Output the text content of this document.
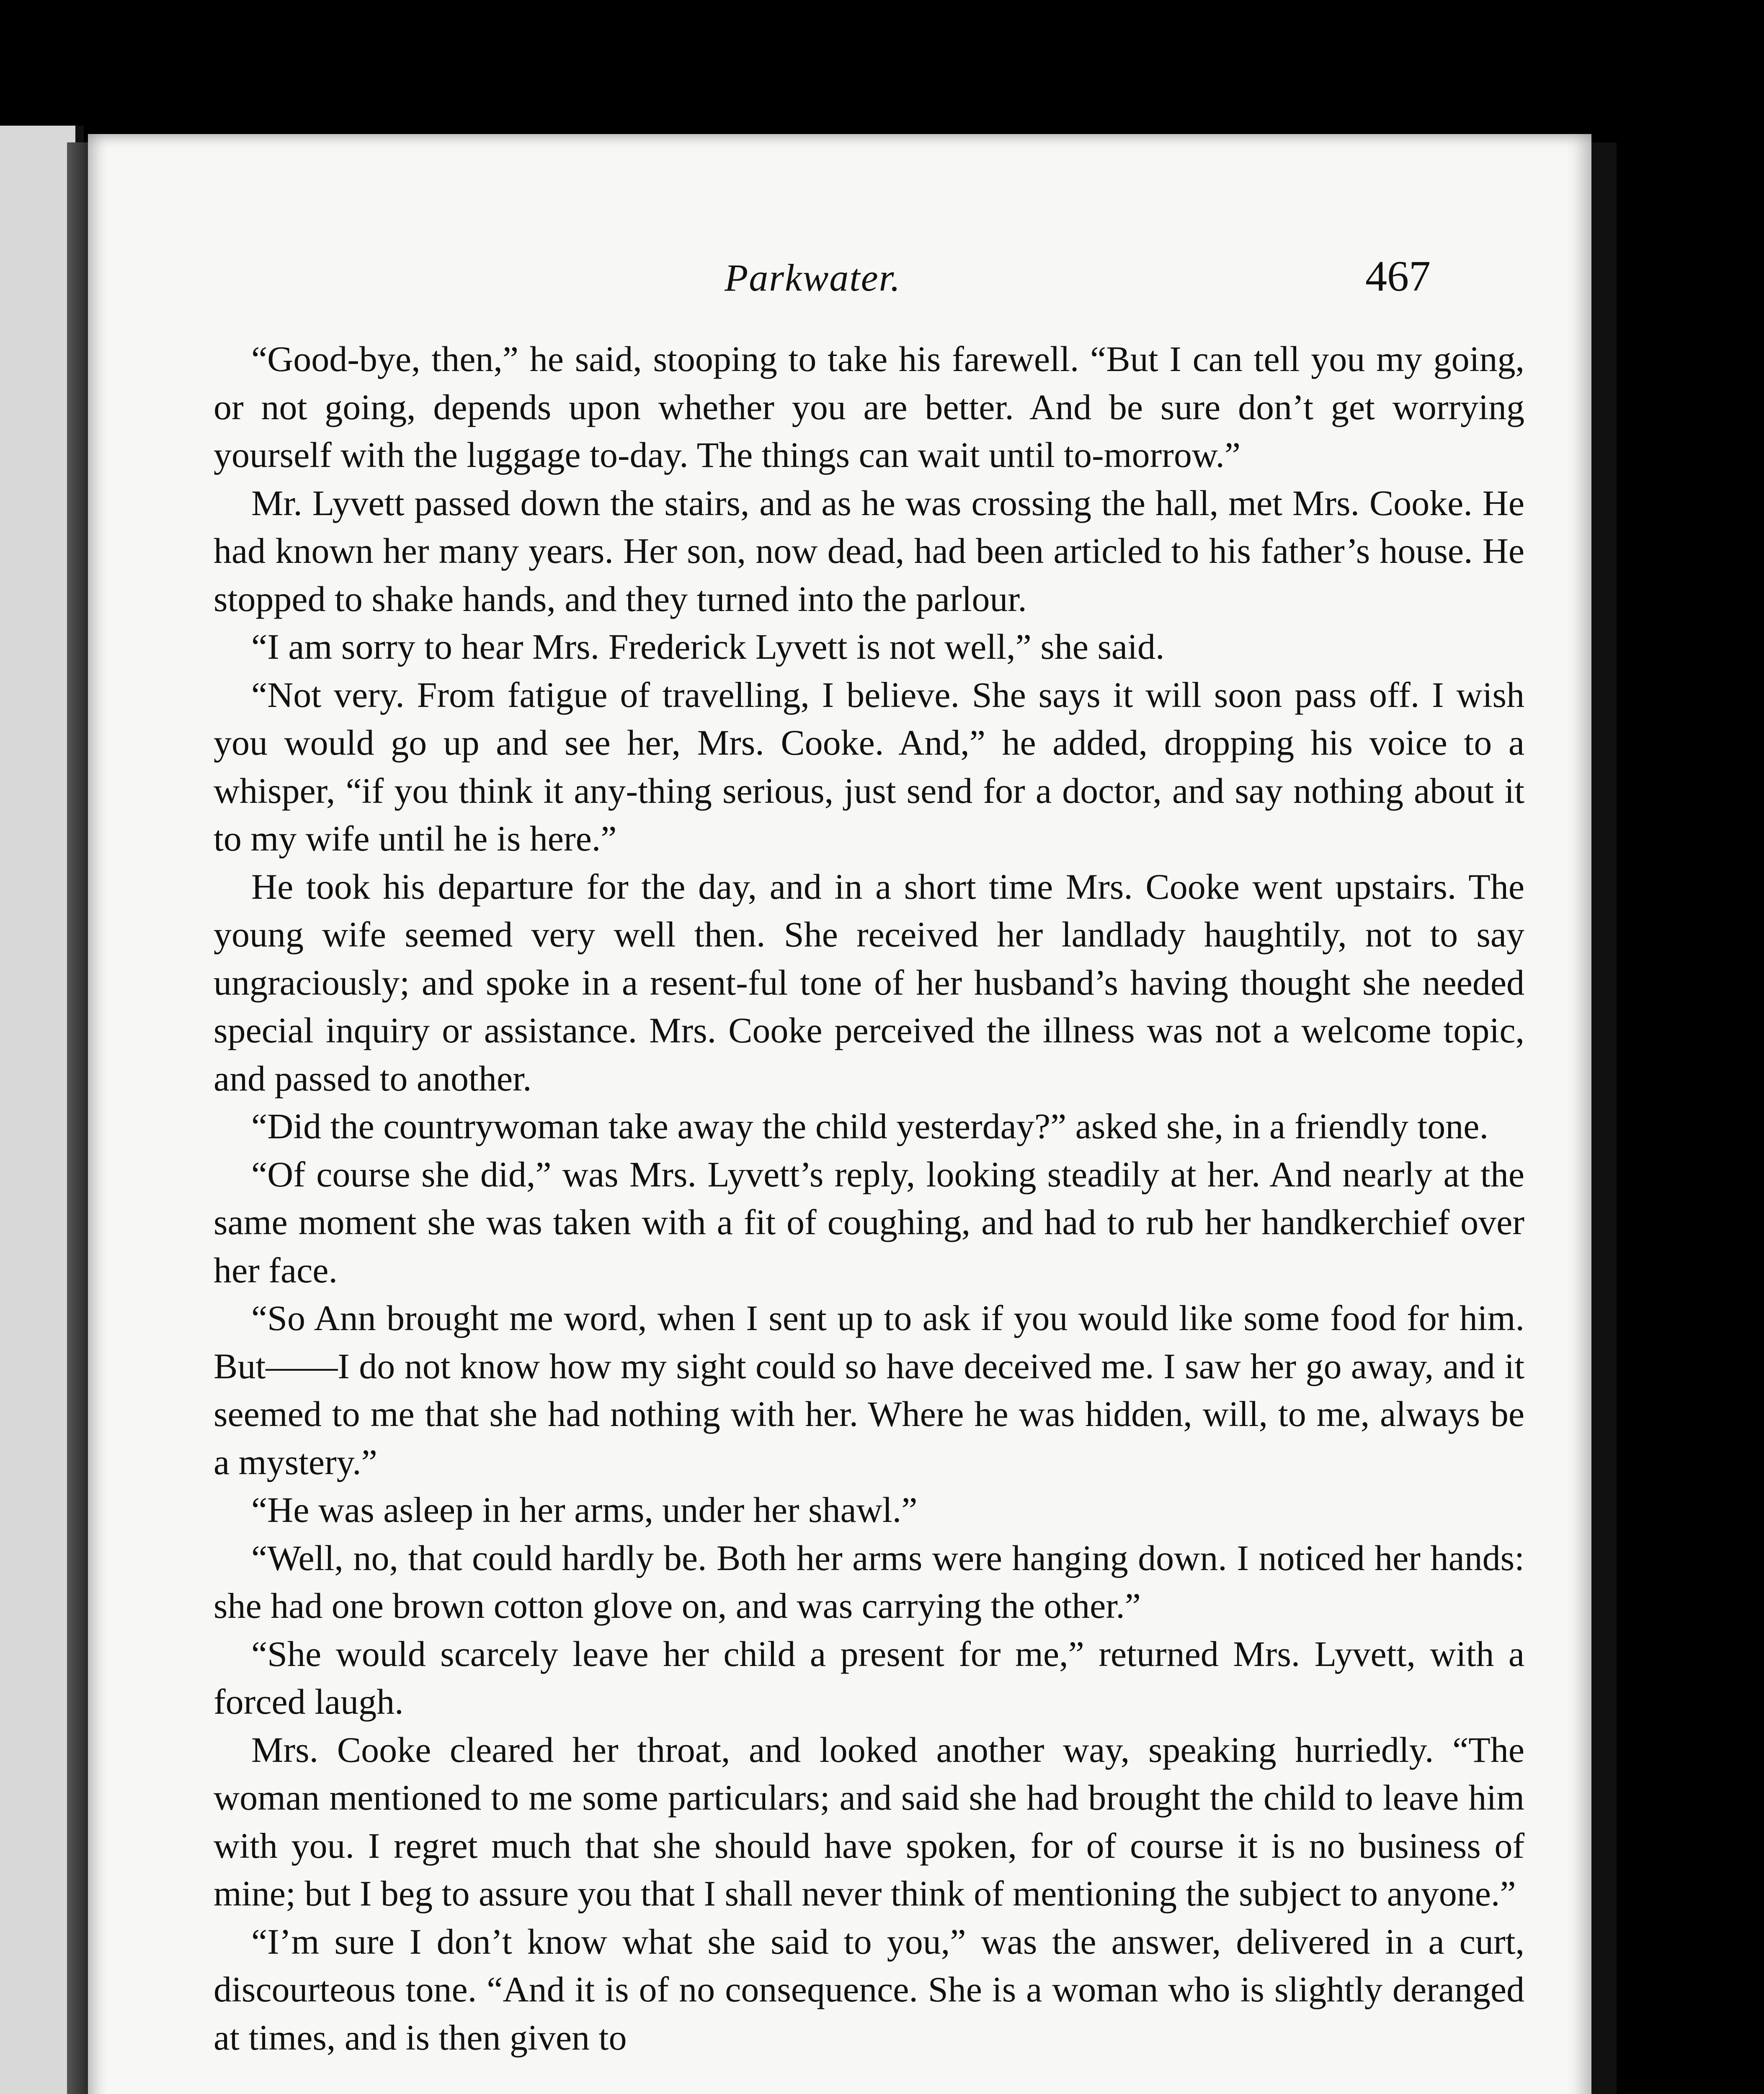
Parkwater.	467

“Good-bye, then,” he said, stooping to take his farewell. “But I can tell you my going, or not going, depends upon whether you are better. And be sure don’t get worrying yourself with the luggage to-day. The things can wait until to-morrow.”

Mr. Lyvett passed down the stairs, and as he was crossing the hall, met Mrs. Cooke. He had known her many years. Her son, now dead, had been articled to his father’s house. He stopped to shake hands, and they turned into the parlour.

“I am sorry to hear Mrs. Frederick Lyvett is not well,” she said.

“Not very. From fatigue of travelling, I believe. She says it will soon pass off. I wish you would go up and see her, Mrs. Cooke. And,” he added, dropping his voice to a whisper, “if you think it any-thing serious, just send for a doctor, and say nothing about it to my wife until he is here.”

He took his departure for the day, and in a short time Mrs. Cooke went upstairs. The young wife seemed very well then. She received her landlady haughtily, not to say ungraciously; and spoke in a resent-ful tone of her husband’s having thought she needed special inquiry or assistance. Mrs. Cooke perceived the illness was not a welcome topic, and passed to another.

“Did the countrywoman take away the child yesterday?” asked she, in a friendly tone.

“Of course she did,” was Mrs. Lyvett’s reply, looking steadily at her. And nearly at the same moment she was taken with a fit of coughing, and had to rub her handkerchief over her face.

“So Ann brought me word, when I sent up to ask if you would like some food for him. But——I do not know how my sight could so have deceived me. I saw her go away, and it seemed to me that she had nothing with her. Where he was hidden, will, to me, always be a mystery.”

“He was asleep in her arms, under her shawl.”

“Well, no, that could hardly be. Both her arms were hanging down. I noticed her hands: she had one brown cotton glove on, and was carrying the other.”

“She would scarcely leave her child a present for me,” returned Mrs. Lyvett, with a forced laugh.

Mrs. Cooke cleared her throat, and looked another way, speaking hurriedly. “The woman mentioned to me some particulars; and said she had brought the child to leave him with you. I regret much that she should have spoken, for of course it is no business of mine; but I beg to assure you that I shall never think of mentioning the subject to anyone.”

“I’m sure I don’t know what she said to you,” was the answer, delivered in a curt, discourteous tone. “And it is of no consequence. She is a woman who is slightly deranged at times, and is then given to
